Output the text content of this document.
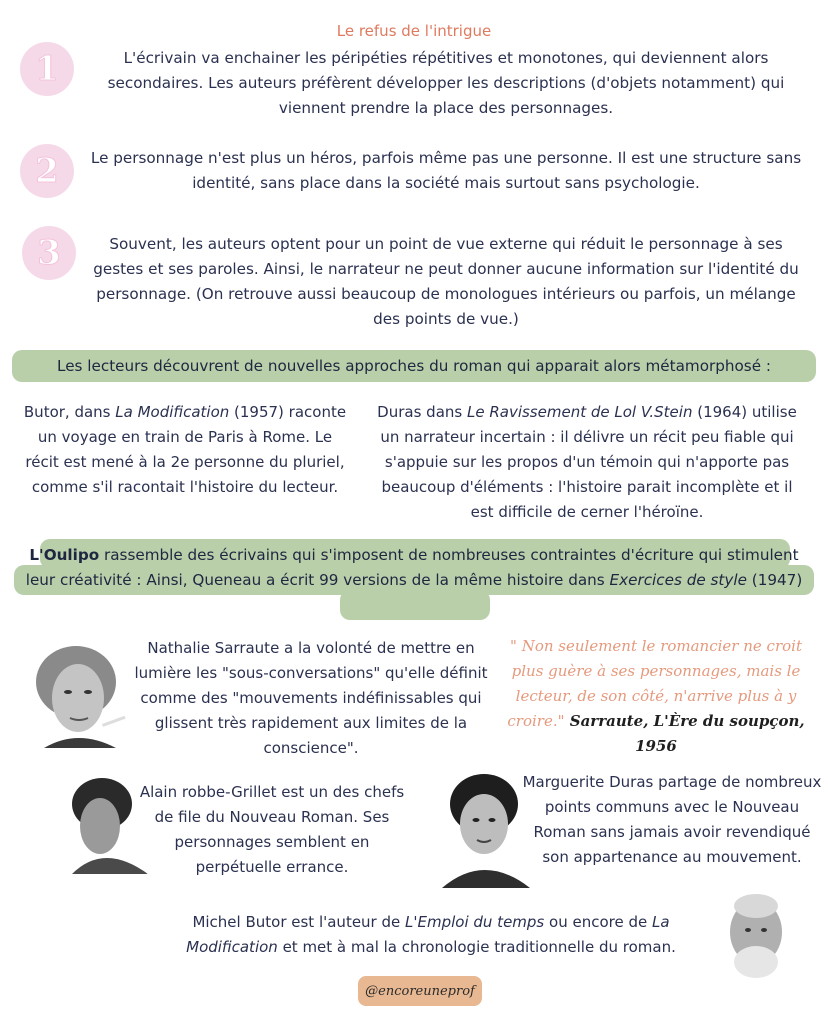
Le refus de l'intrigue
1	L'écrivain va enchainer les péripéties répétitives et monotones, qui deviennent alors secondaires. Les auteurs préfèrent développer les descriptions (d'objets notamment) qui viennent prendre la place des personnages.
2	Le personnage n'est plus un héros, parfois même pas une personne. Il est une structure sans identité, sans place dans la société mais surtout sans psychologie.
3	Souvent, les auteurs optent pour un point de vue externe qui réduit le personnage à ses gestes et ses paroles. Ainsi, le narrateur ne peut donner aucune information sur l'identité du personnage. (On retrouve aussi beaucoup de monologues intérieurs ou parfois, un mélange des points de vue.)
Les lecteurs découvrent de nouvelles approches du roman qui apparait alors métamorphosé :
Butor, dans La Modification (1957) raconte un voyage en train de Paris à Rome. Le récit est mené à la 2e personne du pluriel, comme s'il racontait l'histoire du lecteur.
Duras dans Le Ravissement de Lol V.Stein (1964) utilise un narrateur incertain : il délivre un récit peu fiable qui s'appuie sur les propos d'un témoin qui n'apporte pas beaucoup d'éléments : l'histoire parait incomplète et il est difficile de cerner l'héroïne.
L'Oulipo rassemble des écrivains qui s'imposent de nombreuses contraintes d'écriture qui stimulent leur créativité : Ainsi, Queneau a écrit 99 versions de la même histoire dans Exercices de style (1947)
Nathalie Sarraute a la volonté de mettre en lumière les "sous-conversations" qu'elle définit comme des "mouvements indéfinissables qui glissent très rapidement aux limites de la conscience".
" Non seulement le romancier ne croit plus guère à ses personnages, mais le lecteur, de son côté, n'arrive plus à y croire." Sarraute, L'Ère du soupçon, 1956
Alain robbe-Grillet est un des chefs de file du Nouveau Roman. Ses personnages semblent en perpétuelle errance.
Marguerite Duras partage de nombreux points communs avec le Nouveau Roman sans jamais avoir revendiqué son appartenance au mouvement.
Michel Butor est l'auteur de L'Emploi du temps ou encore de La Modification et met à mal la chronologie traditionnelle du roman.
@encoreuneprof
